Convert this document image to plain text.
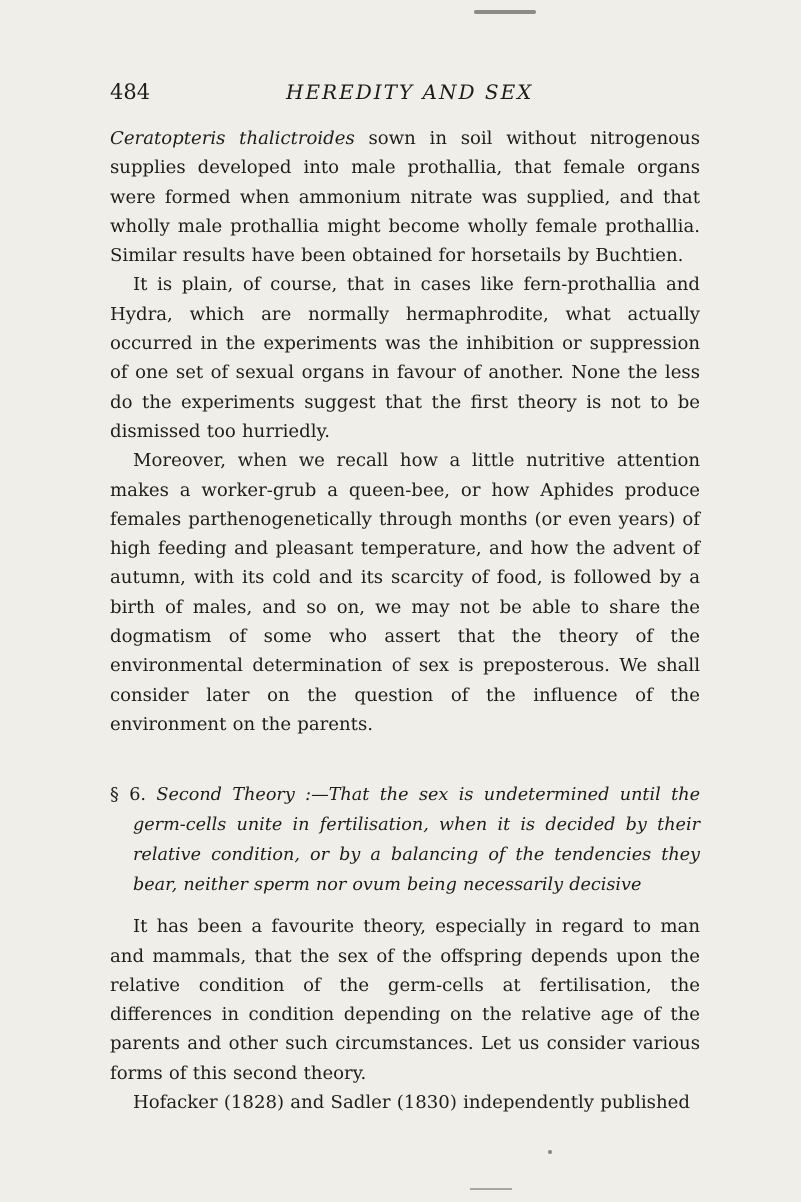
484	HEREDITY AND SEX

Ceratopteris thalictroides sown in soil without nitrogenous supplies developed into male prothallia, that female organs were formed when ammonium nitrate was supplied, and that wholly male prothallia might become wholly female prothallia. Similar results have been obtained for horsetails by Buchtien.

It is plain, of course, that in cases like fern-prothallia and Hydra, which are normally hermaphrodite, what actually occurred in the experiments was the inhibition or suppression of one set of sexual organs in favour of another. None the less do the experiments suggest that the first theory is not to be dismissed too hurriedly.

Moreover, when we recall how a little nutritive attention makes a worker-grub a queen-bee, or how Aphides produce females parthenogenetically through months (or even years) of high feeding and pleasant temperature, and how the advent of autumn, with its cold and its scarcity of food, is followed by a birth of males, and so on, we may not be able to share the dogmatism of some who assert that the theory of the environmental determination of sex is preposterous. We shall consider later on the question of the influence of the environment on the parents.

§ 6. Second Theory :—That the sex is undetermined until the germ-cells unite in fertilisation, when it is decided by their relative condition, or by a balancing of the tendencies they bear, neither sperm nor ovum being necessarily decisive

It has been a favourite theory, especially in regard to man and mammals, that the sex of the offspring depends upon the relative condition of the germ-cells at fertilisation, the differences in condition depending on the relative age of the parents and other such circumstances. Let us consider various forms of this second theory.

Hofacker (1828) and Sadler (1830) independently published
